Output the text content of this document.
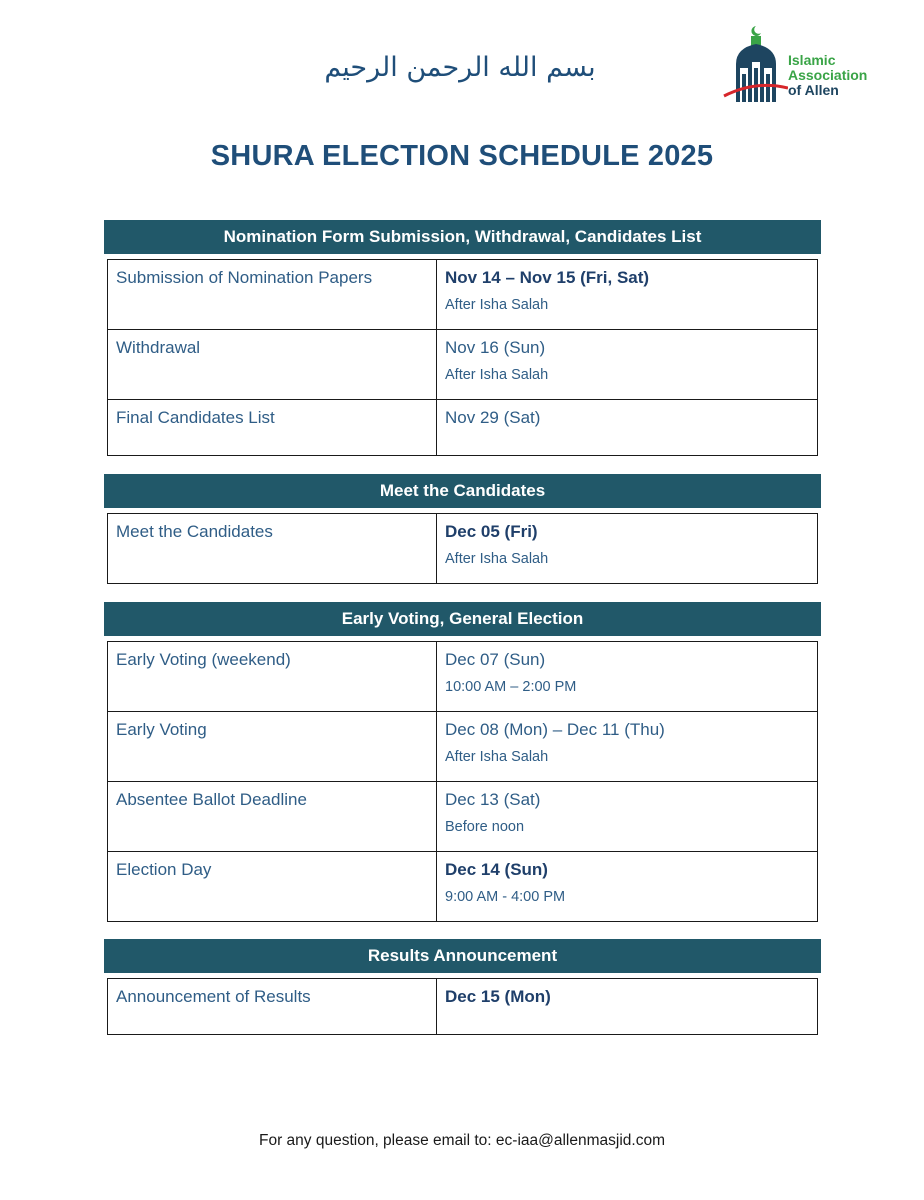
بسم الله الرحمن الرحيم	Islamic
Association
of Allen
SHURA ELECTION SCHEDULE 2025
Nomination Form Submission, Withdrawal, Candidates List
Submission of Nomination Papers	Nov 14 – Nov 15 (Fri, Sat)
After Isha Salah

Withdrawal	Nov 16 (Sun)
After Isha Salah

Final Candidates List	Nov 29 (Sat)
Meet the Candidates
Meet the Candidates	Dec 05 (Fri)
After Isha Salah
Early Voting, General Election
Early Voting (weekend)	Dec 07 (Sun)
10:00 AM – 2:00 PM

Early Voting	Dec 08 (Mon) – Dec 11 (Thu)
After Isha Salah

Absentee Ballot Deadline	Dec 13 (Sat)
Before noon

Election Day	Dec 14 (Sun)
9:00 AM - 4:00 PM
Results Announcement
Announcement of Results	Dec 15 (Mon)
For any question, please email to: ec-iaa@allenmasjid.com
